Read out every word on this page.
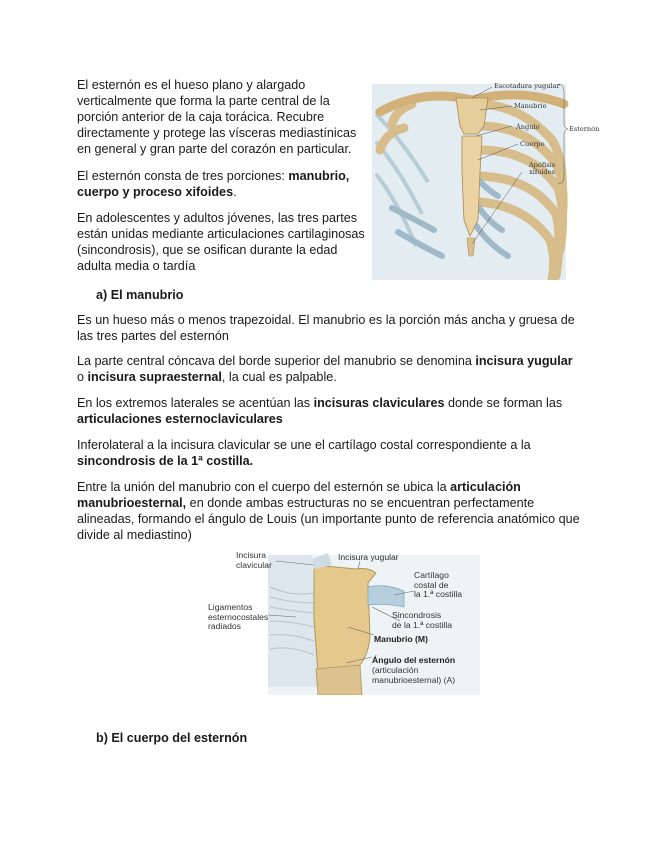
El esternón es el hueso plano y alargado verticalmente que forma la parte central de la porción anterior de la caja torácica. Recubre directamente y protege las vísceras mediastínicas en general y gran parte del corazón en particular.

El esternón consta de tres porciones: manubrio, cuerpo y proceso xifoides.

En adolescentes y adultos jóvenes, las tres partes están unidas mediante articulaciones cartilaginosas (sincondrosis), que se osifican durante la edad adulta media o tardía

Escotadura yugular
Manubrio
Ángulo
Cuerpo
Apófisis xifoides
Esternón

a) El manubrio

Es un hueso más o menos trapezoidal. El manubrio es la porción más ancha y gruesa de las tres partes del esternón

La parte central cóncava del borde superior del manubrio se denomina incisura yugular o incisura supraesternal, la cual es palpable.

En los extremos laterales se acentúan las incisuras claviculares donde se forman las articulaciones esternoclaviculares

Inferolateral a la incisura clavicular se une el cartílago costal correspondiente a la sincondrosis de la 1ª costilla.

Entre la unión del manubrio con el cuerpo del esternón se ubica la articulación manubrioesternal, en donde ambas estructuras no se encuentran perfectamente alineadas, formando el ángulo de Louis (un importante punto de referencia anatómico que divide al mediastino)

Incisura
clavicular
Incisura yugular
Cartílago
costal de
la 1.ª costilla
Ligamentos
esternocostales
radiados
Sincondrosis
de la 1.ª costilla
Manubrio (M)
Ángulo del esternón
(articulación
manubrioesternal) (A)

b) El cuerpo del esternón
